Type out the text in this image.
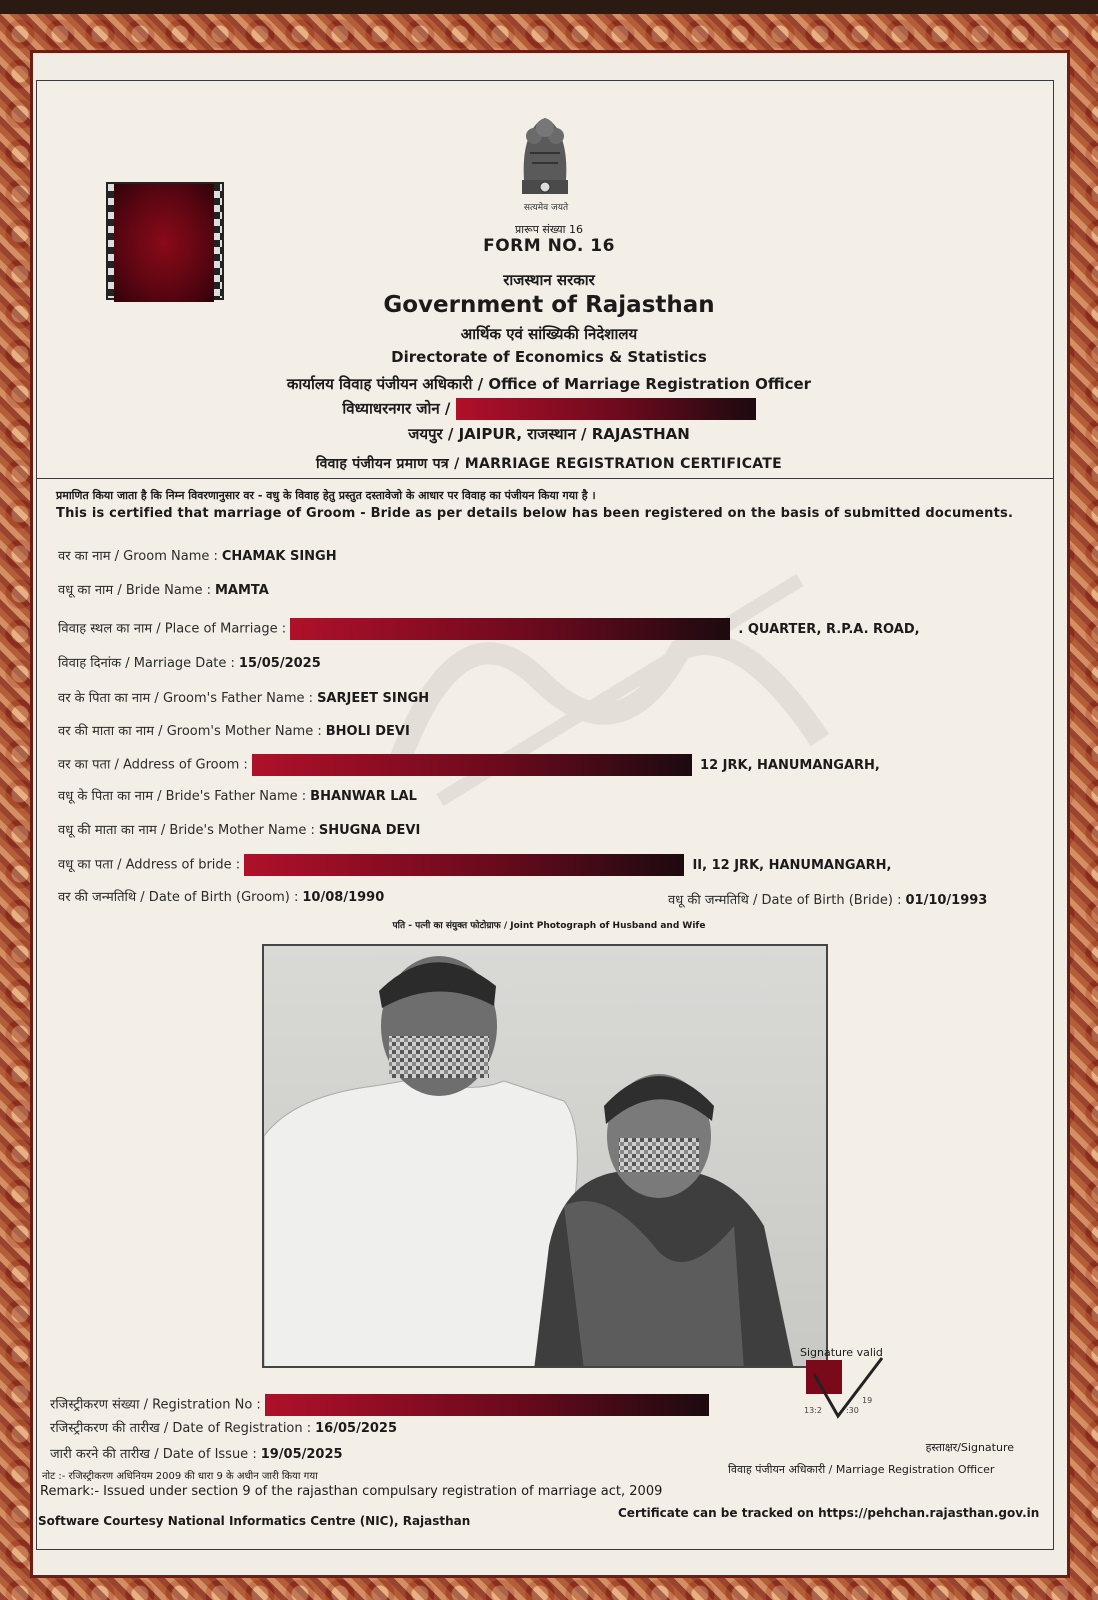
सत्यमेव जयते
प्रारूप संख्या 16
FORM NO. 16
राजस्थान सरकार
Government of Rajasthan
आर्थिक एवं सांख्यिकी निदेशालय
Directorate of Economics & Statistics
कार्यालय विवाह पंजीयन अधिकारी / Office of Marriage Registration Officer
विध्याधरनगर जोन /
जयपुर / JAIPUR, राजस्थान / RAJASTHAN
विवाह पंजीयन प्रमाण पत्र / MARRIAGE REGISTRATION CERTIFICATE
प्रमाणित किया जाता है कि निम्न विवरणानुसार वर - वधु के विवाह हेतु प्रस्तुत दस्तावेजो के आधार पर विवाह का पंजीयन किया गया है ।
This is certified that marriage of Groom - Bride as per details below has been registered on the basis of submitted documents.
वर का नाम / Groom Name : CHAMAK SINGH
वधू का नाम / Bride Name : MAMTA
विवाह स्थल का नाम / Place of Marriage :	. QUARTER, R.P.A. ROAD,
विवाह दिनांक / Marriage Date : 15/05/2025
वर के पिता का नाम / Groom's Father Name : SARJEET SINGH
वर की माता का नाम / Groom's Mother Name : BHOLI DEVI
वर का पता / Address of Groom :	12 JRK, HANUMANGARH,
वधू के पिता का नाम / Bride's Father Name : BHANWAR LAL
वधू की माता का नाम / Bride's Mother Name : SHUGNA DEVI
वधू का पता / Address of bride :	II, 12 JRK, HANUMANGARH,
वर की जन्मतिथि / Date of Birth (Groom) : 10/08/1990	वधू की जन्मतिथि / Date of Birth (Bride) : 01/10/1993
पति - पत्नी का संयुक्त फोटोग्राफ / Joint Photograph of Husband and Wife
रजिस्ट्रीकरण संख्या / Registration No :
रजिस्ट्रीकरण की तारीख / Date of Registration : 16/05/2025
जारी करने की तारीख / Date of Issue : 19/05/2025
Signature valid
19
13:2	:30
हस्ताक्षर/Signature
विवाह पंजीयन अधिकारी / Marriage Registration Officer
नोट :- रजिस्ट्रीकरण अधिनियम 2009 की धारा 9 के अधीन जारी किया गया
Remark:- Issued under section 9 of the rajasthan compulsary registration of marriage act, 2009
Software Courtesy National Informatics Centre (NIC), Rajasthan
Certificate can be tracked on https://pehchan.rajasthan.gov.in
